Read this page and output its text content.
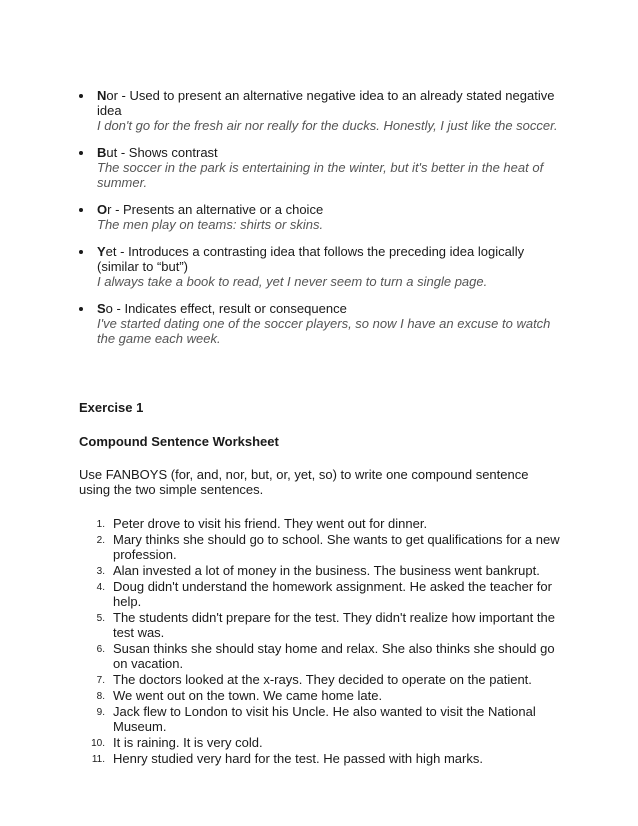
Nor - Used to present an alternative negative idea to an already stated negative idea
I don't go for the fresh air nor really for the ducks. Honestly, I just like the soccer.
But - Shows contrast
The soccer in the park is entertaining in the winter, but it's better in the heat of summer.
Or - Presents an alternative or a choice
The men play on teams: shirts or skins.
Yet - Introduces a contrasting idea that follows the preceding idea logically (similar to “but”)
I always take a book to read, yet I never seem to turn a single page.
So - Indicates effect, result or consequence
I've started dating one of the soccer players, so now I have an excuse to watch the game each week.
Exercise 1
Compound Sentence Worksheet
Use FANBOYS (for, and, nor, but, or, yet, so) to write one compound sentence using the two simple sentences.
1. Peter drove to visit his friend. They went out for dinner.
2. Mary thinks she should go to school. She wants to get qualifications for a new profession.
3. Alan invested a lot of money in the business. The business went bankrupt.
4. Doug didn't understand the homework assignment. He asked the teacher for help.
5. The students didn't prepare for the test. They didn't realize how important the test was.
6. Susan thinks she should stay home and relax. She also thinks she should go on vacation.
7. The doctors looked at the x-rays. They decided to operate on the patient.
8. We went out on the town. We came home late.
9. Jack flew to London to visit his Uncle. He also wanted to visit the National Museum.
10. It is raining. It is very cold.
11. Henry studied very hard for the test. He passed with high marks.
